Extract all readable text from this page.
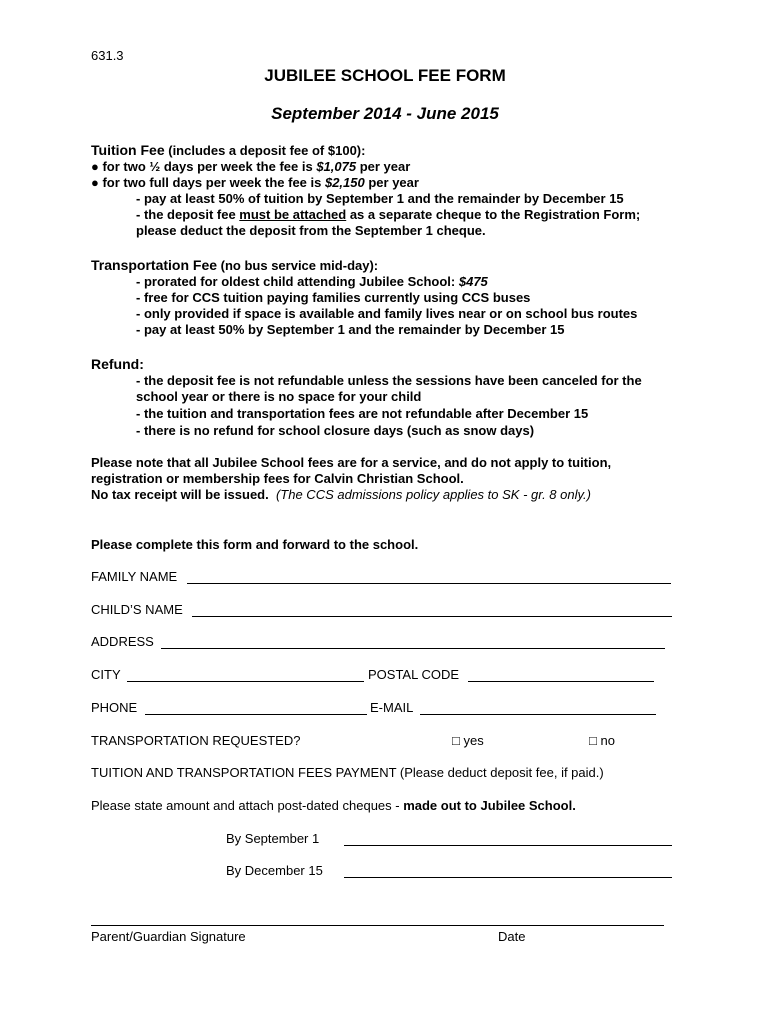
631.3
JUBILEE SCHOOL FEE FORM
September 2014 - June 2015
Tuition Fee (includes a deposit fee of $100):
● for two ½ days per week the fee is $1,075 per year
● for two full days per week the fee is $2,150 per year
- pay at least 50% of tuition by September 1 and the remainder by December 15
- the deposit fee must be attached as a separate cheque to the Registration Form;
please deduct the deposit from the September 1 cheque.
Transportation Fee (no bus service mid-day):
- prorated for oldest child attending Jubilee School: $475
- free for CCS tuition paying families currently using CCS buses
- only provided if space is available and family lives near or on school bus routes
- pay at least 50% by September 1 and the remainder by December 15
Refund:
- the deposit fee is not refundable unless the sessions have been canceled for the
school year or there is no space for your child
- the tuition and transportation fees are not refundable after December 15
- there is no refund for school closure days (such as snow days)
Please note that all Jubilee School fees are for a service, and do not apply to tuition,
registration or membership fees for Calvin Christian School.
No tax receipt will be issued. (The CCS admissions policy applies to SK - gr. 8 only.)
Please complete this form and forward to the school.
FAMILY NAME
CHILD’S NAME
ADDRESS
CITY	POSTAL CODE
PHONE	E-MAIL
TRANSPORTATION REQUESTED?	□ yes	□ no
TUITION AND TRANSPORTATION FEES PAYMENT (Please deduct deposit fee, if paid.)
Please state amount and attach post-dated cheques - made out to Jubilee School.
By September 1
By December 15
Parent/Guardian Signature	Date
